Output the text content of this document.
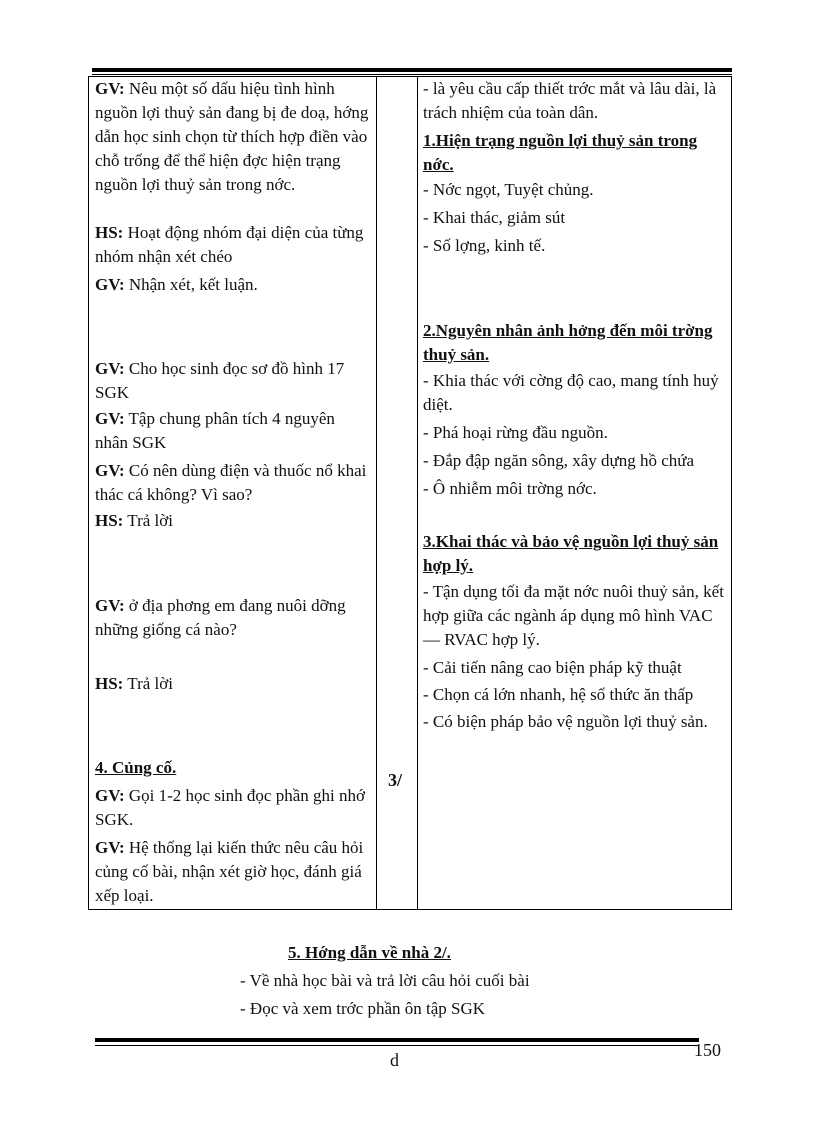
GV: Nêu một số dấu hiệu tình hình nguồn lợi thuỷ sản đang bị đe doạ, hớng dẫn học sinh chọn từ thích hợp điền vào chỗ trống để thể hiện đợc hiện trạng nguồn lợi thuỷ sản trong nớc.
HS: Hoạt động nhóm đại diện của từng nhóm nhận xét chéo
GV: Nhận xét, kết luận.
GV: Cho học sinh đọc sơ đồ hình 17 SGK
GV: Tập chung phân tích 4 nguyên nhân SGK
GV: Có nên dùng điện và thuốc nổ khai thác cá không? Vì sao?
HS: Trả lời
GV: ở địa phơng em đang nuôi dỡng những giống cá nào?
HS: Trả lời
4. Củng cố.
GV: Gọi 1-2 học sinh đọc phần ghi nhớ SGK.
GV: Hệ thống lại kiến thức nêu câu hỏi củng cố bài, nhận xét giờ học, đánh giá xếp loại.
3/
- là yêu cầu cấp thiết trớc mắt và lâu dài, là trách nhiệm của toàn dân.
1.Hiện trạng nguồn lợi thuỷ sản trong nớc.
- Nớc ngọt, Tuyệt chủng.
- Khai thác, giảm sút
- Số lợng, kinh tế.
2.Nguyên nhân ảnh hởng đến môi trờng thuỷ sản.
- Khia thác với cờng độ cao, mang tính huỷ diệt.
- Phá hoại rừng đầu nguồn.
- Đắp đập ngăn sông, xây dựng hồ chứa
- Ô nhiễm môi trờng nớc.
3.Khai thác và bảo vệ nguồn lợi thuỷ sản hợp lý.
- Tận dụng tối đa mặt nớc nuôi thuỷ sản, kết hợp giữa các ngành áp dụng mô hình VAC — RVAC hợp lý.
- Cải tiến nâng cao biện pháp kỹ thuật
- Chọn cá lớn nhanh, hệ số thức ăn thấp
- Có biện pháp bảo vệ nguồn lợi thuỷ sản.
5. Hớng dẫn về nhà 2/.
- Về nhà học bài và trả lời câu hỏi cuối bài
- Đọc và xem trớc phần ôn tập SGK
d	150
